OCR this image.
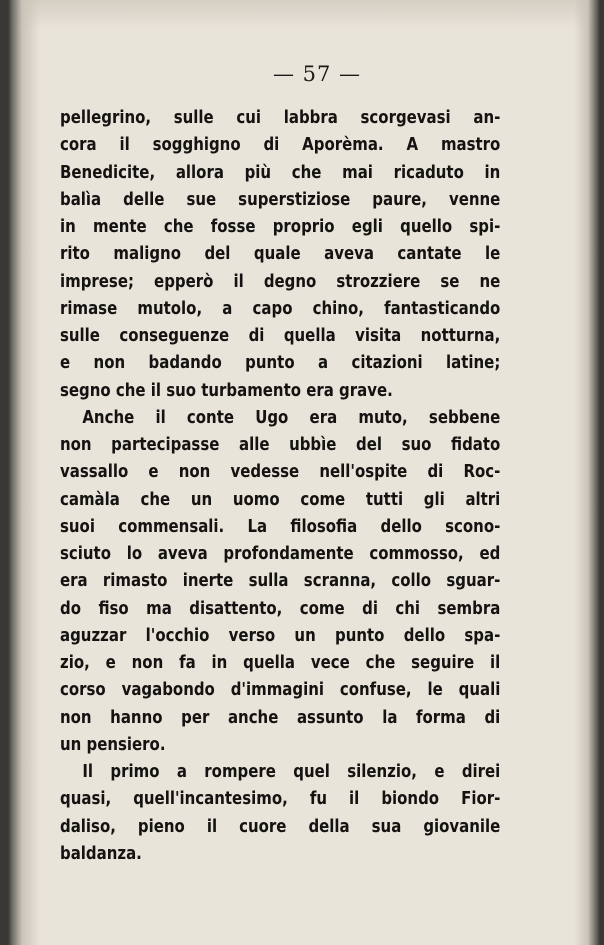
— 57 —
pellegrino, sulle cui labbra scorgevasi an-
cora il sogghigno di Aporèma. A mastro
Benedicite, allora più che mai ricaduto in
balìa delle sue superstiziose paure, venne
in mente che fosse proprio egli quello spi-
rito maligno del quale aveva cantate le
imprese; epperò il degno strozziere se ne
rimase mutolo, a capo chino, fantasticando
sulle conseguenze di quella visita notturna,
e non badando punto a citazioni latine;
segno che il suo turbamento era grave.
Anche il conte Ugo era muto, sebbene
non partecipasse alle ubbìe del suo fidato
vassallo e non vedesse nell'ospite di Roc-
camàla che un uomo come tutti gli altri
suoi commensali. La filosofia dello scono-
sciuto lo aveva profondamente commosso, ed
era rimasto inerte sulla scranna, collo sguar-
do fiso ma disattento, come di chi sembra
aguzzar l'occhio verso un punto dello spa-
zio, e non fa in quella vece che seguire il
corso vagabondo d'immagini confuse, le quali
non hanno per anche assunto la forma di
un pensiero.
Il primo a rompere quel silenzio, e direi
quasi, quell'incantesimo, fu il biondo Fior-
daliso, pieno il cuore della sua giovanile
baldanza.
